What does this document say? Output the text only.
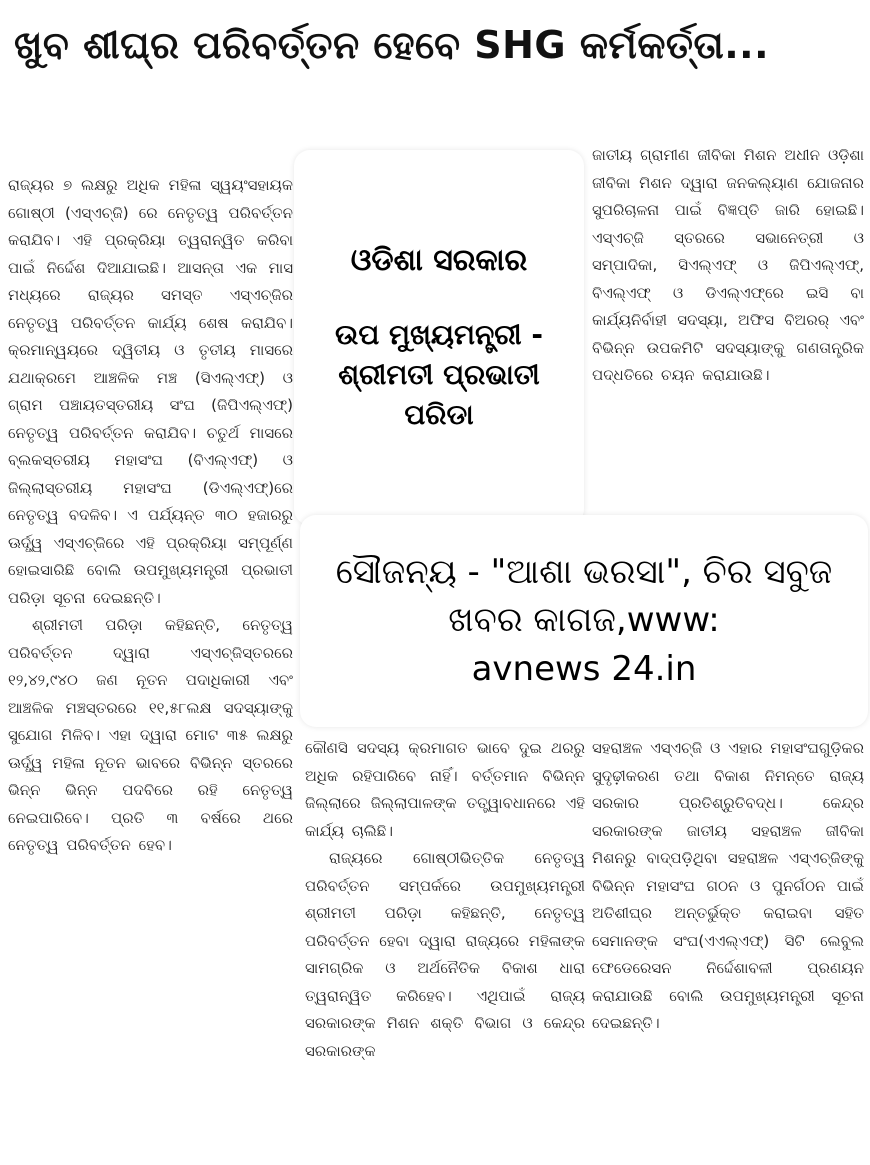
ଖୁବ ଶୀଘ୍ର ପରିବର୍ତ୍ତନ ହେବେ SHG କର୍ମକର୍ତ୍ତା...

ରାଜ୍ୟର ୭ ଲକ୍ଷରୁ ଅଧିକ ମହିଳା ସ୍ୱୟଂସହାୟକ ଗୋଷ୍ଠୀ (ଏସ୍ଏଚ୍ଜି) ରେ ନେତୃତ୍ୱ ପରିବର୍ତ୍ତନ କରାଯିବ। ଏହି ପ୍ରକ୍ରିୟା ତ୍ୱରାନ୍ୱିତ କରିବା ପାଇଁ ନିର୍ଦ୍ଦେଶ ଦିଆଯାଇଛି। ଆସନ୍ତା ଏକ ମାସ ମଧ୍ୟରେ ରାଜ୍ୟର ସମସ୍ତ ଏସ୍ଏଚ୍ଜିର ନେତୃତ୍ୱ ପରିବର୍ତ୍ତନ କାର୍ଯ୍ୟ ଶେଷ କରାଯିବ। କ୍ରମାନ୍ୱୟରେ ଦ୍ୱିତୀୟ ଓ ତୃତୀୟ ମାସରେ ଯଥାକ୍ରମେ ଆଞ୍ଚଳିକ ମଞ୍ଚ (ସିଏଲ୍ଏଫ୍) ଓ ଗ୍ରାମ ପଞ୍ଚାୟତସ୍ତରୀୟ ସଂଘ (ଜିପିଏଲ୍ଏଫ୍) ନେତୃତ୍ୱ ପରିବର୍ତ୍ତନ କରାଯିବ। ଚତୁର୍ଥ ମାସରେ ବ୍ଲକସ୍ତରୀୟ ମହାସଂଘ (ବିଏଲ୍ଏଫ୍) ଓ ଜିଲ୍ଲାସ୍ତରୀୟ ମହାସଂଘ (ଡିଏଲ୍ଏଫ୍)ରେ ନେତୃତ୍ୱ ବଦଳିବ। ଏ ପର୍ଯ୍ୟନ୍ତ ୩୦ ହଜାରରୁ ଊର୍ଦ୍ଧ୍ୱ ଏସ୍ଏଚ୍ଜିରେ ଏହି ପ୍ରକ୍ରିୟା ସମ୍ପୂର୍ଣ୍ଣ ହୋଇସାରିଛି ବୋଲି ଉପମୁଖ୍ୟମନ୍ତ୍ରୀ ପ୍ରଭାତୀ ପରିଡ଼ା ସୂଚନା ଦେଇଛନ୍ତି।

ଶ୍ରୀମତୀ ପରିଡ଼ା କହିଛନ୍ତି, ନେତୃତ୍ୱ ପରିବର୍ତ୍ତନ ଦ୍ୱାରା ଏସ୍ଏଚ୍ଜିସ୍ତରରେ ୧୨,୪୨,୯୪୦ ଜଣ ନୂତନ ପଦାଧିକାରୀ ଏବଂ ଆଞ୍ଚଳିକ ମଞ୍ଚସ୍ତରରେ ୧୧,୫୮ଲକ୍ଷ ସଦସ୍ୟାଙ୍କୁ ସୁଯୋଗ ମିଳିବ। ଏହା ଦ୍ୱାରା ମୋଟ ୩୫ ଲକ୍ଷରୁ ଊର୍ଦ୍ଧ୍ୱ ମହିଳା ନୂତନ ଭାବରେ ବିଭିନ୍ନ ସ୍ତରରେ ଭିନ୍ନ ଭିନ୍ନ ପଦବିରେ ରହି ନେତୃତ୍ୱ ନେଇପାରିବେ। ପ୍ରତି ୩ ବର୍ଷରେ ଥରେ ନେତୃତ୍ୱ ପରିବର୍ତ୍ତନ ହେବ।

ଜାତୀୟ ଗ୍ରାମୀଣ ଜୀବିକା ମିଶନ ଅଧୀନ ଓଡ଼ିଶା ଜୀବିକା ମିଶନ ଦ୍ୱାରା ଜନକଲ୍ୟାଣ ଯୋଜନାର ସୁପରିଚାଳନା ପାଇଁ ବିଜ୍ଞପ୍ତି ଜାରି ହୋଇଛି। ଏସ୍ଏଚ୍ଜି ସ୍ତରରେ ସଭାନେତ୍ରୀ ଓ ସମ୍ପାଦିକା, ସିଏଲ୍ଏଫ୍ ଓ ଜିପିଏଲ୍ଏଫ୍, ବିଏଲ୍ଏଫ୍ ଓ ଡିଏଲ୍ଏଫ୍ରେ ଇସି ବା କାର୍ଯ୍ୟନିର୍ବାହୀ ସଦସ୍ୟା, ଅଫିସ ବିଅରର୍ ଏବଂ ବିଭିନ୍ନ ଉପକମିଟି ସଦସ୍ୟାଙ୍କୁ ଗଣତାନ୍ତ୍ରିକ ପଦ୍ଧତିରେ ଚୟନ କରାଯାଉଛି।

ଓଡିଶା ସରକାର
ଉପ ମୁଖ୍ୟମନ୍ତ୍ରୀ - ଶ୍ରୀମତୀ ପ୍ରଭାତୀ ପରିଡା
ସୌଜନ୍ୟ - "ଆଶା ଭରସା", ଚିର ସବୁଜ ଖବର କାଗଜ,www:
avnews 24.in

କୌଣସି ସଦସ୍ୟ କ୍ରମାଗତ ଭାବେ ଦୁଇ ଥରରୁ ଅଧିକ ରହିପାରିବେ ନାହିଁ। ବର୍ତ୍ତମାନ ବିଭିନ୍ନ ଜିଲ୍ଲାରେ ଜିଲ୍ଲାପାଳଙ୍କ ତତ୍ତ୍ୱାବଧାନରେ ଏହି କାର୍ଯ୍ୟ ଚାଲିଛି।

ରାଜ୍ୟରେ ଗୋଷ୍ଠୀଭିତ୍ତିକ ନେତୃତ୍ୱ ପରିବର୍ତ୍ତନ ସମ୍ପର୍କରେ ଉପମୁଖ୍ୟମନ୍ତ୍ରୀ ଶ୍ରୀମତୀ ପରିଡ଼ା କହିଛନ୍ତି, ନେତୃତ୍ୱ ପରିବର୍ତ୍ତନ ହେବା ଦ୍ୱାରା ରାଜ୍ୟରେ ମହିଳାଙ୍କ ସାମଗ୍ରିକ ଓ ଅର୍ଥନୈତିକ ବିକାଶ ଧାରା ତ୍ୱରାନ୍ୱିତ କରିହେବ। ଏଥିପାଇଁ ରାଜ୍ୟ ସରକାରଙ୍କ ମିଶନ ଶକ୍ତି ବିଭାଗ ଓ କେନ୍ଦ୍ର ସରକାରଙ୍କ

ସହରାଞ୍ଚଳ ଏସ୍ଏଚ୍ଜି ଓ ଏହାର ମହାସଂଘଗୁଡ଼ିକର ସୁଦୃଢ଼ୀକରଣ ତଥା ବିକାଶ ନିମନ୍ତେ ରାଜ୍ୟ ସରକାର ପ୍ରତିଶ୍ରୁତିବଦ୍ଧ। କେନ୍ଦ୍ର ସରକାରଙ୍କ ଜାତୀୟ ସହରାଞ୍ଚଳ ଜୀବିକା ମିଶନରୁ ବାଦ୍ପଡ଼ିଥିବା ସହରାଞ୍ଚଳ ଏସ୍ଏଚ୍ଜିଙ୍କୁ ବିଭିନ୍ନ ମହାସଂଘ ଗଠନ ଓ ପୁନର୍ଗଠନ ପାଇଁ ଅତିଶୀଘ୍ର ଅନ୍ତର୍ଭୁକ୍ତ କରାଇବା ସହିତ ସେମାନଙ୍କ ସଂଘ(ଏଏଲ୍ଏଫ୍) ସିଟି ଲେବୁଲ ଫେଡେରେସନ ନିର୍ଦ୍ଦେଶାବଳୀ ପ୍ରଣୟନ କରାଯାଉଛି ବୋଲି ଉପମୁଖ୍ୟମନ୍ତ୍ରୀ ସୂଚନା ଦେଇଛନ୍ତି।
